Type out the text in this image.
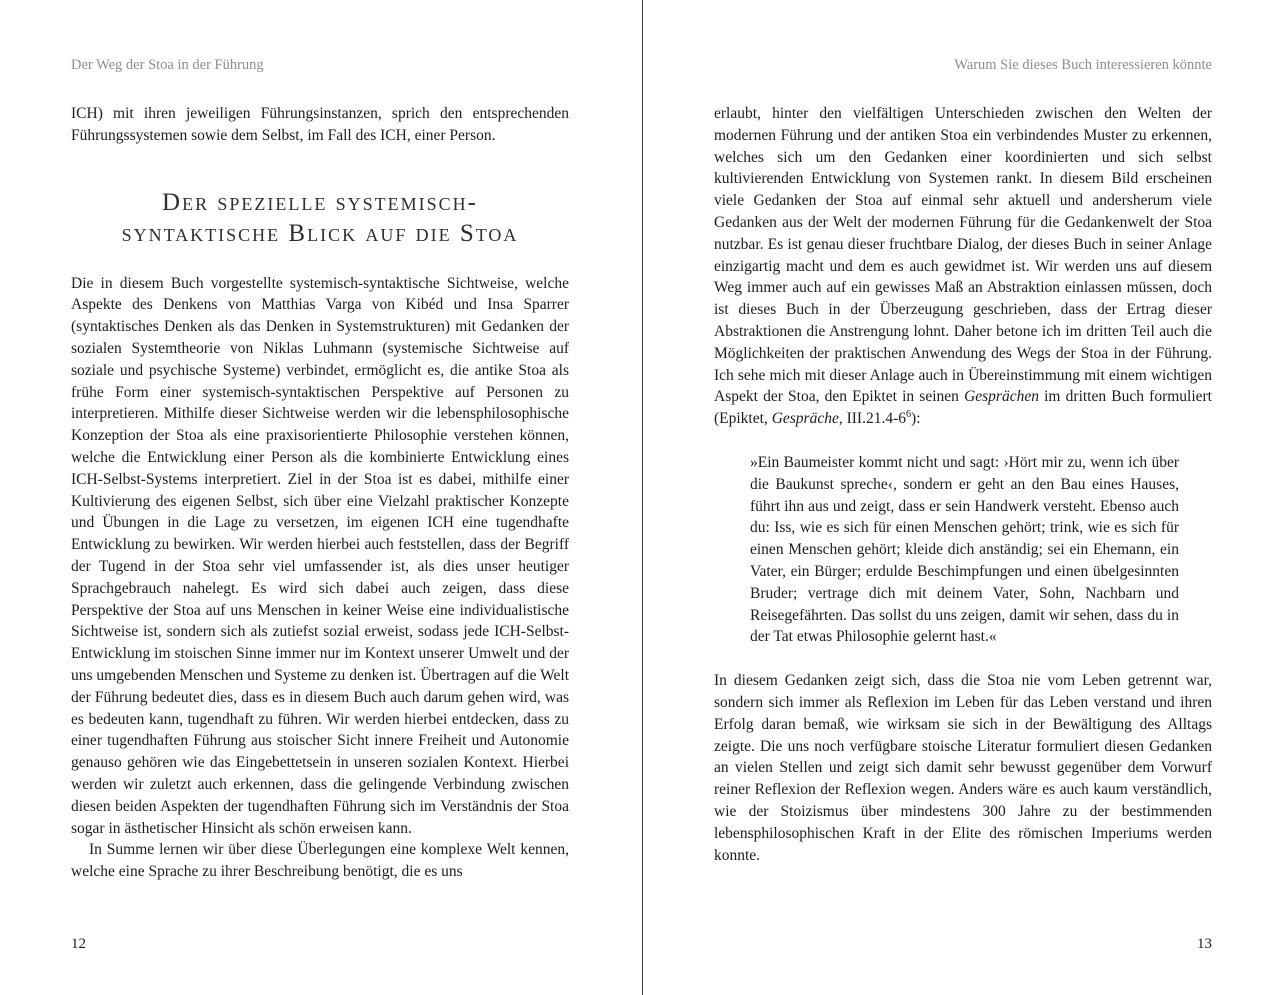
Der Weg der Stoa in der Führung

ICH) mit ihren jeweiligen Führungsinstanzen, sprich den entsprechenden Führungssystemen sowie dem Selbst, im Fall des ICH, einer Person.

Der spezielle systemisch-
syntaktische Blick auf die Stoa

Die in diesem Buch vorgestellte systemisch-syntaktische Sichtweise, welche Aspekte des Denkens von Matthias Varga von Kibéd und Insa Sparrer (syntaktisches Denken als das Denken in Systemstrukturen) mit Gedanken der sozialen Systemtheorie von Niklas Luhmann (systemische Sichtweise auf soziale und psychische Systeme) verbindet, ermöglicht es, die antike Stoa als frühe Form einer systemisch-syntaktischen Perspektive auf Personen zu interpretieren. Mithilfe dieser Sichtweise werden wir die lebensphilosophische Konzeption der Stoa als eine praxisorientierte Philosophie verstehen können, welche die Entwicklung einer Person als die kombinierte Entwicklung eines ICH-Selbst-Systems interpretiert. Ziel in der Stoa ist es dabei, mithilfe einer Kultivierung des eigenen Selbst, sich über eine Vielzahl praktischer Konzepte und Übungen in die Lage zu versetzen, im eigenen ICH eine tugendhafte Entwicklung zu bewirken. Wir werden hierbei auch feststellen, dass der Begriff der Tugend in der Stoa sehr viel umfassender ist, als dies unser heutiger Sprachgebrauch nahelegt. Es wird sich dabei auch zeigen, dass diese Perspektive der Stoa auf uns Menschen in keiner Weise eine individualistische Sichtweise ist, sondern sich als zutiefst sozial erweist, sodass jede ICH-Selbst-Entwicklung im stoischen Sinne immer nur im Kontext unserer Umwelt und der uns umgebenden Menschen und Systeme zu denken ist. Übertragen auf die Welt der Führung bedeutet dies, dass es in diesem Buch auch darum gehen wird, was es bedeuten kann, tugendhaft zu führen. Wir werden hierbei entdecken, dass zu einer tugendhaften Führung aus stoischer Sicht innere Freiheit und Autonomie genauso gehören wie das Eingebettetsein in unseren sozialen Kontext. Hierbei werden wir zuletzt auch erkennen, dass die gelingende Verbindung zwischen diesen beiden Aspekten der tugendhaften Führung sich im Verständnis der Stoa sogar in ästhetischer Hinsicht als schön erweisen kann.

In Summe lernen wir über diese Überlegungen eine komplexe Welt kennen, welche eine Sprache zu ihrer Beschreibung benötigt, die es uns

12
Warum Sie dieses Buch interessieren könnte

erlaubt, hinter den vielfältigen Unterschieden zwischen den Welten der modernen Führung und der antiken Stoa ein verbindendes Muster zu erkennen, welches sich um den Gedanken einer koordinierten und sich selbst kultivierenden Entwicklung von Systemen rankt. In diesem Bild erscheinen viele Gedanken der Stoa auf einmal sehr aktuell und andersherum viele Gedanken aus der Welt der modernen Führung für die Gedankenwelt der Stoa nutzbar. Es ist genau dieser fruchtbare Dialog, der dieses Buch in seiner Anlage einzigartig macht und dem es auch gewidmet ist. Wir werden uns auf diesem Weg immer auch auf ein gewisses Maß an Abstraktion einlassen müssen, doch ist dieses Buch in der Überzeugung geschrieben, dass der Ertrag dieser Abstraktionen die Anstrengung lohnt. Daher betone ich im dritten Teil auch die Möglichkeiten der praktischen Anwendung des Wegs der Stoa in der Führung. Ich sehe mich mit dieser Anlage auch in Übereinstimmung mit einem wichtigen Aspekt der Stoa, den Epiktet in seinen Gesprächen im dritten Buch formuliert (Epiktet, Gespräche, $III.21.4-6^6$):

»Ein Baumeister kommt nicht und sagt: ›Hört mir zu, wenn ich über die Baukunst spreche‹, sondern er geht an den Bau eines Hauses, führt ihn aus und zeigt, dass er sein Handwerk versteht. Ebenso auch du: Iss, wie es sich für einen Menschen gehört; trink, wie es sich für einen Menschen gehört; kleide dich anständig; sei ein Ehemann, ein Vater, ein Bürger; erdulde Beschimpfungen und einen übelgesinnten Bruder; vertrage dich mit deinem Vater, Sohn, Nachbarn und Reisegefährten. Das sollst du uns zeigen, damit wir sehen, dass du in der Tat etwas Philosophie gelernt hast.«

In diesem Gedanken zeigt sich, dass die Stoa nie vom Leben getrennt war, sondern sich immer als Reflexion im Leben für das Leben verstand und ihren Erfolg daran bemaß, wie wirksam sie sich in der Bewältigung des Alltags zeigte. Die uns noch verfügbare stoische Literatur formuliert diesen Gedanken an vielen Stellen und zeigt sich damit sehr bewusst gegenüber dem Vorwurf reiner Reflexion der Reflexion wegen. Anders wäre es auch kaum verständlich, wie der Stoizismus über mindestens 300 Jahre zu der bestimmenden lebensphilosophischen Kraft in der Elite des römischen Imperiums werden konnte.

13
